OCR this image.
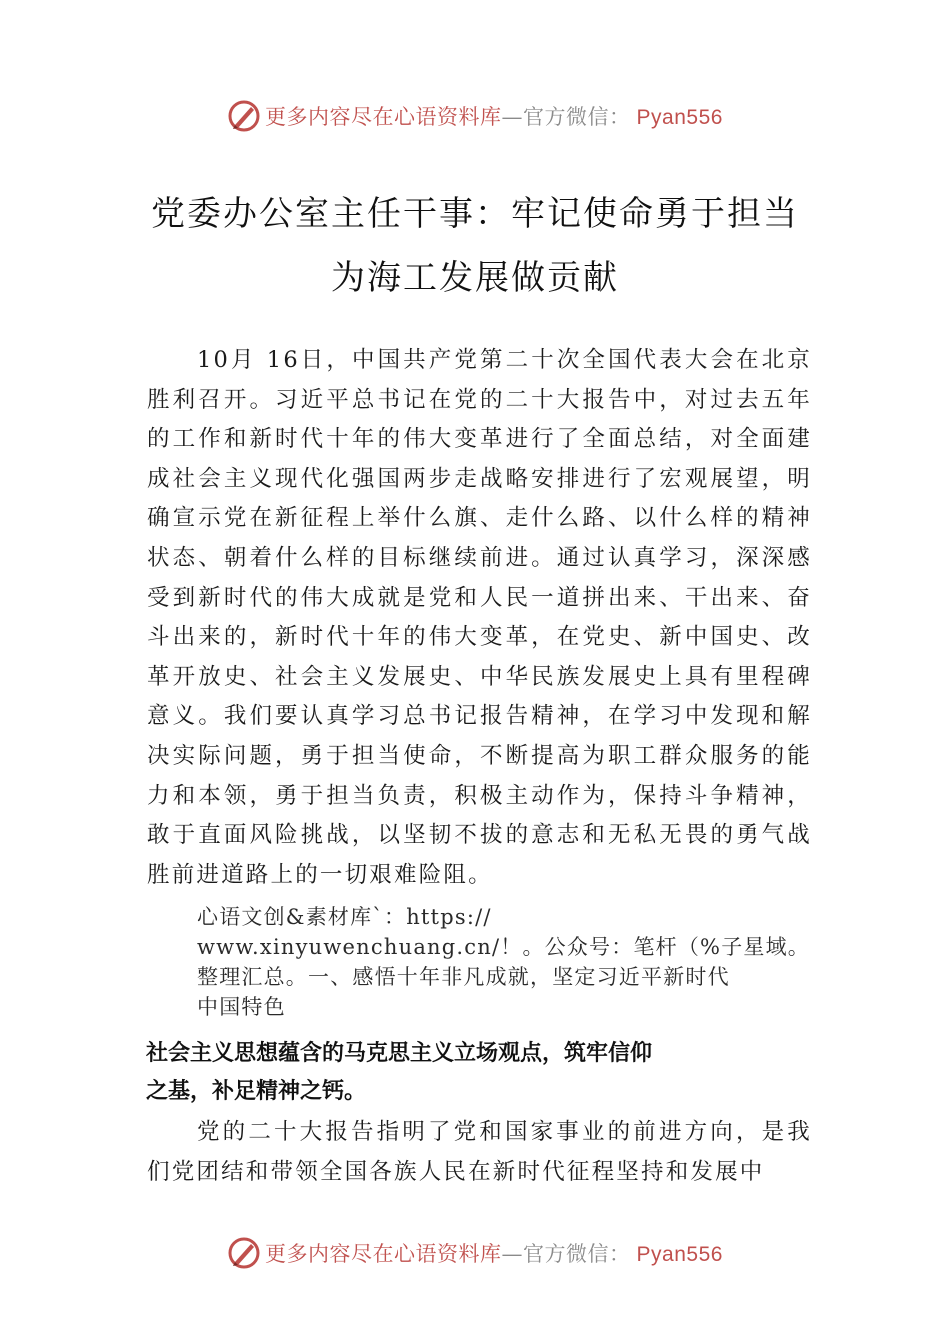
更多内容尽在心语资料库—官方微信： Pyan556
党委办公室主任干事：牢记使命勇于担当
为海工发展做贡献
10月 16日，中国共产党第二十次全国代表大会在北京胜利召开。习近平总书记在党的二十大报告中，对过去五年的工作和新时代十年的伟大变革进行了全面总结，对全面建成社会主义现代化强国两步走战略安排进行了宏观展望，明确宣示党在新征程上举什么旗、走什么路、以什么样的精神状态、朝着什么样的目标继续前进。通过认真学习，深深感受到新时代的伟大成就是党和人民一道拼出来、干出来、奋斗出来的，新时代十年的伟大变革，在党史、新中国史、改革开放史、社会主义发展史、中华民族发展史上具有里程碑意义。我们要认真学习总书记报告精神，在学习中发现和解决实际问题，勇于担当使命，不断提高为职工群众服务的能力和本领，勇于担当负责，积极主动作为，保持斗争精神， 敢于直面风险挑战，以坚韧不拔的意志和无私无畏的勇气战胜前进道路上的一切艰难险阻。
心语文创&素材库`：https://
www.xinyuwenchuang.cn/！。公众号：笔杆（%子星域。
整理汇总。一、感悟十年非凡成就，坚定习近平新时代
中国特色
社会主义思想蕴含的马克思主义立场观点，筑牢信仰
之基，补足精神之钙。
党的二十大报告指明了党和国家事业的前进方向，是我们党团结和带领全国各族人民在新时代征程坚持和发展中
更多内容尽在心语资料库—官方微信： Pyan556
